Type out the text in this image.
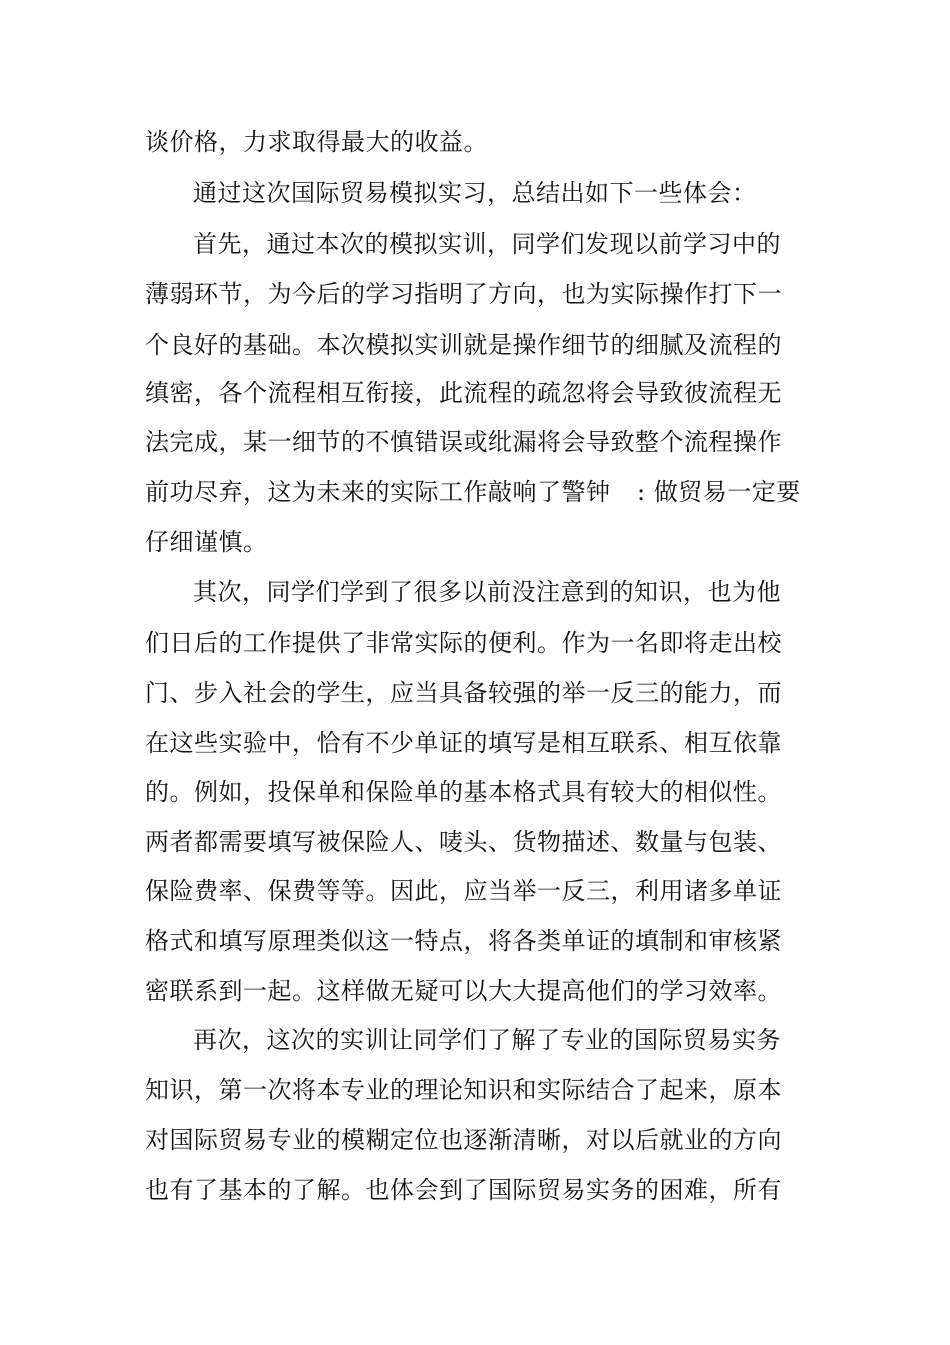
谈价格，力求取得最大的收益。
通过这次国际贸易模拟实习，总结出如下一些体会：
首先，通过本次的模拟实训，同学们发现以前学习中的
薄弱环节，为今后的学习指明了方向，也为实际操作打下一
个良好的基础。本次模拟实训就是操作细节的细腻及流程的
缜密，各个流程相互衔接，此流程的疏忽将会导致彼流程无
法完成，某一细节的不慎错误或纰漏将会导致整个流程操作
前功尽弃，这为未来的实际工作敲响了警钟 : 做贸易一定要
仔细谨慎。
其次，同学们学到了很多以前没注意到的知识，也为他
们日后的工作提供了非常实际的便利。作为一名即将走出校
门、步入社会的学生，应当具备较强的举一反三的能力，而
在这些实验中，恰有不少单证的填写是相互联系、相互依靠
的。例如，投保单和保险单的基本格式具有较大的相似性。
两者都需要填写被保险人、唛头、货物描述、数量与包装、
保险费率、保费等等。因此，应当举一反三，利用诸多单证
格式和填写原理类似这一特点，将各类单证的填制和审核紧
密联系到一起。这样做无疑可以大大提高他们的学习效率。
再次，这次的实训让同学们了解了专业的国际贸易实务
知识，第一次将本专业的理论知识和实际结合了起来，原本
对国际贸易专业的模糊定位也逐渐清晰，对以后就业的方向
也有了基本的了解。也体会到了国际贸易实务的困难，所有
